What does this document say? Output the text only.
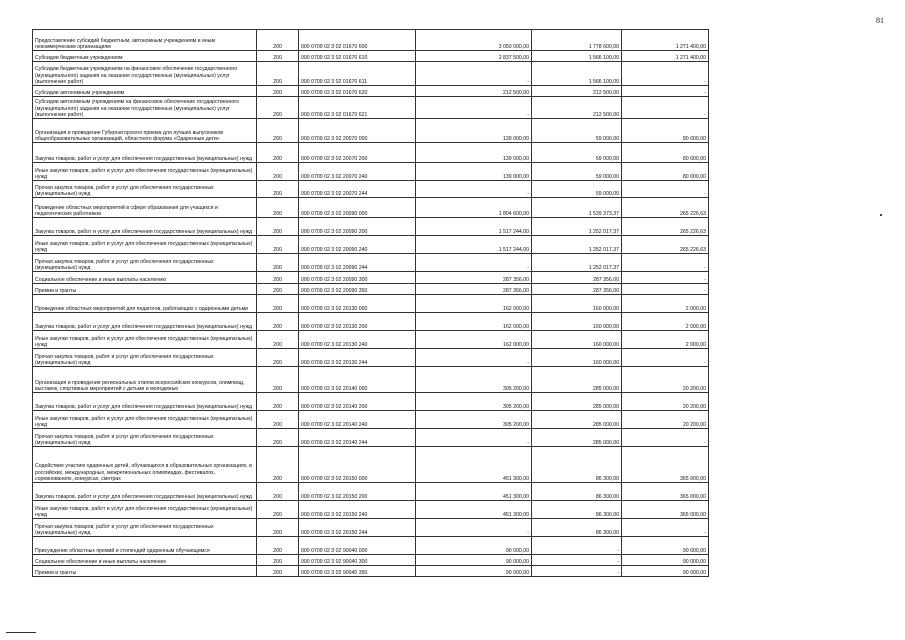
81
Предоставление субсидий бюджетным, автономным учреждениям и иным некоммерческим организациям	200	000 0709 02 3 02 01670 600	3 050 000,00	1 778 600,00	1 271 400,00
Субсидии бюджетным учреждениям	200	000 0709 02 3 02 01670 610	2 837 500,00	1 566 100,00	1 271 400,00
Субсидии бюджетным учреждениям на финансовое обеспечение государственного (муниципального) задания на оказание государственных (муниципальных) услуг (выполнение работ)	200	000 0709 02 3 02 01670 611	-	1 566 100,00	-
Субсидии автономным учреждениям	200	000 0709 02 3 02 01670 620	212 500,00	212 500,00	-
Субсидии автономным учреждениям на финансовое обеспечение государственного (муниципального) задания на оказание государственных (муниципальных) услуг (выполнение работ)	200	000 0709 02 3 02 01670 621	-	212 500,00	-
Организация и проведение Губернаторского приема для лучших выпускников общеобразовательных организаций, областного форума «Одаренные дети»	200	000 0709 02 3 02 20070 000	139 000,00	59 000,00	80 000,00
Закупка товаров, работ и услуг для обеспечения государственных (муниципальных) нужд	200	000 0709 02 3 02 20070 200	139 000,00	59 000,00	80 000,00
Иные закупки товаров, работ и услуг для обеспечения государственных (муниципальных) нужд	200	000 0709 02 3 02 20070 240	139 000,00	59 000,00	80 000,00
Прочая закупка товаров, работ и услуг для обеспечения государственных (муниципальных) нужд	200	000 0709 02 3 02 20070 244	-	59 000,00	-
Проведение областных мероприятий в сфере образования для учащихся и педагогических работников	200	000 0709 02 3 02 20090 000	1 804 600,00	1 539 373,37	265 226,63
Закупка товаров, работ и услуг для обеспечения государственных (муниципальных) нужд	200	000 0709 02 3 02 20090 200	1 517 244,00	1 252 017,37	265 226,63
Иные закупки товаров, работ и услуг для обеспечения государственных (муниципальных) нужд	200	000 0709 02 3 02 20090 240	1 517 244,00	1 252 017,37	265 226,63
Прочая закупка товаров, работ и услуг для обеспечения государственных (муниципальных) нужд	200	000 0709 02 3 02 20090 244	-	1 252 017,37	-
Социальное обеспечение и иные выплаты населению	200	000 0709 02 3 02 20090 300	287 356,00	287 356,00	-
Премии и гранты	200	000 0709 02 3 02 20090 350	287 356,00	287 356,00	-
Проведение областных мероприятий для педагогов, работающих с одаренными детьми	200	000 0709 02 3 02 20130 000	162 000,00	160 000,00	2 000,00
Закупка товаров, работ и услуг для обеспечения государственных (муниципальных) нужд	200	000 0709 02 3 02 20130 200	162 000,00	160 000,00	2 000,00
Иные закупки товаров, работ и услуг для обеспечения государственных (муниципальных) нужд	200	000 0709 02 3 02 20130 240	162 000,00	160 000,00	2 000,00
Прочая закупка товаров, работ и услуг для обеспечения государственных (муниципальных) нужд	200	000 0709 02 3 02 20130 244	-	160 000,00	-
Организация и проведение региональных этапов всероссийских конкурсов, олимпиад, выставок, спортивных мероприятий с детьми и молодежью	200	000 0709 02 3 02 20140 000	305 200,00	285 000,00	20 200,00
Закупка товаров, работ и услуг для обеспечения государственных (муниципальных) нужд	200	000 0709 02 3 02 20140 200	305 200,00	285 000,00	20 200,00
Иные закупки товаров, работ и услуг для обеспечения государственных (муниципальных) нужд	200	000 0709 02 3 02 20140 240	305 200,00	285 000,00	20 200,00
Прочая закупка товаров, работ и услуг для обеспечения государственных (муниципальных) нужд	200	000 0709 02 3 02 20140 244	-	285 000,00	-
Содействие участию одаренных детей, обучающихся в образовательных организациях, в российских, международных, межрегиональных олимпиадах, фестивалях, соревнованиях, конкурсах, смотрах	200	000 0709 02 3 02 20150 000	451 300,00	86 300,00	365 000,00
Закупка товаров, работ и услуг для обеспечения государственных (муниципальных) нужд	200	000 0709 02 3 02 20150 200	451 300,00	86 300,00	365 000,00
Иные закупки товаров, работ и услуг для обеспечения государственных (муниципальных) нужд	200	000 0709 02 3 02 20150 240	451 300,00	86 300,00	365 000,00
Прочая закупка товаров, работ и услуг для обеспечения государственных (муниципальных) нужд	200	000 0709 02 3 02 20150 244	-	86 300,00	-
Присуждение областных премий и стипендий одаренным обучающимся	200	000 0709 02 3 02 90040 000	90 000,00	-	90 000,00
Социальное обеспечение и иные выплаты населению	200	000 0709 02 3 02 90040 300	90 000,00	-	90 000,00
Премии и гранты	200	000 0709 02 3 02 90040 350	90 000,00	-	90 000,00
